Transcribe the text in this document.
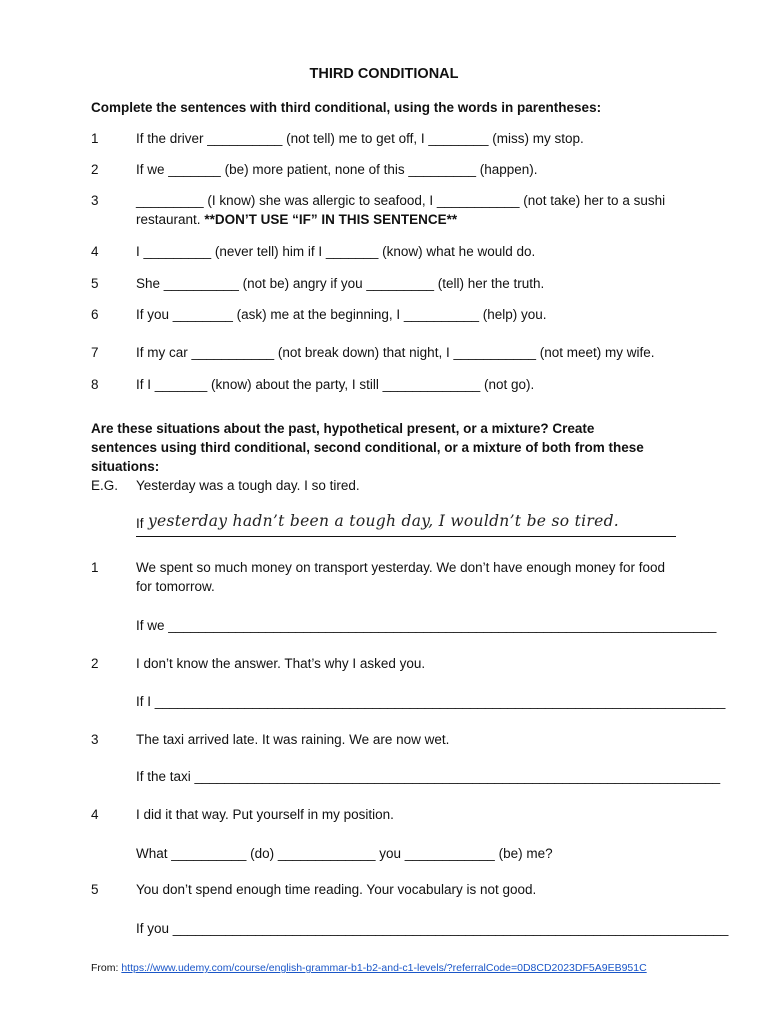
THIRD CONDITIONAL
Complete the sentences with third conditional, using the words in parentheses:
1	If the driver __________ (not tell) me to get off, I ________ (miss) my stop.
2	If we _______ (be) more patient, none of this _________ (happen).
3	_________ (I know) she was allergic to seafood, I ___________ (not take) her to a sushi restaurant. **DON’T USE “IF” IN THIS SENTENCE**
4	I _________ (never tell) him if I _______ (know) what he would do.
5	She __________ (not be) angry if you _________ (tell) her the truth.
6	If you ________ (ask) me at the beginning, I __________ (help) you.
7	If my car ___________ (not break down) that night, I ___________ (not meet) my wife.
8	If I _______ (know) about the party, I still _____________ (not go).
Are these situations about the past, hypothetical present, or a mixture? Create sentences using third conditional, second conditional, or a mixture of both from these situations:
E.G. Yesterday was a tough day. I so tired.
If yesterday hadn’t been a tough day, I wouldn’t be so tired.
1	We spent so much money on transport yesterday. We don’t have enough money for food for tomorrow.
If we _________________________________________________________________________
2	I don’t know the answer. That’s why I asked you.
If I ____________________________________________________________________________
3	The taxi arrived late. It was raining. We are now wet.
If the taxi ______________________________________________________________________
4	I did it that way. Put yourself in my position.
What __________ (do) _____________ you ____________ (be) me?
5	You don’t spend enough time reading. Your vocabulary is not good.
If you __________________________________________________________________________
From: https://www.udemy.com/course/english-grammar-b1-b2-and-c1-levels/?referralCode=0D8CD2023DF5A9EB951C
